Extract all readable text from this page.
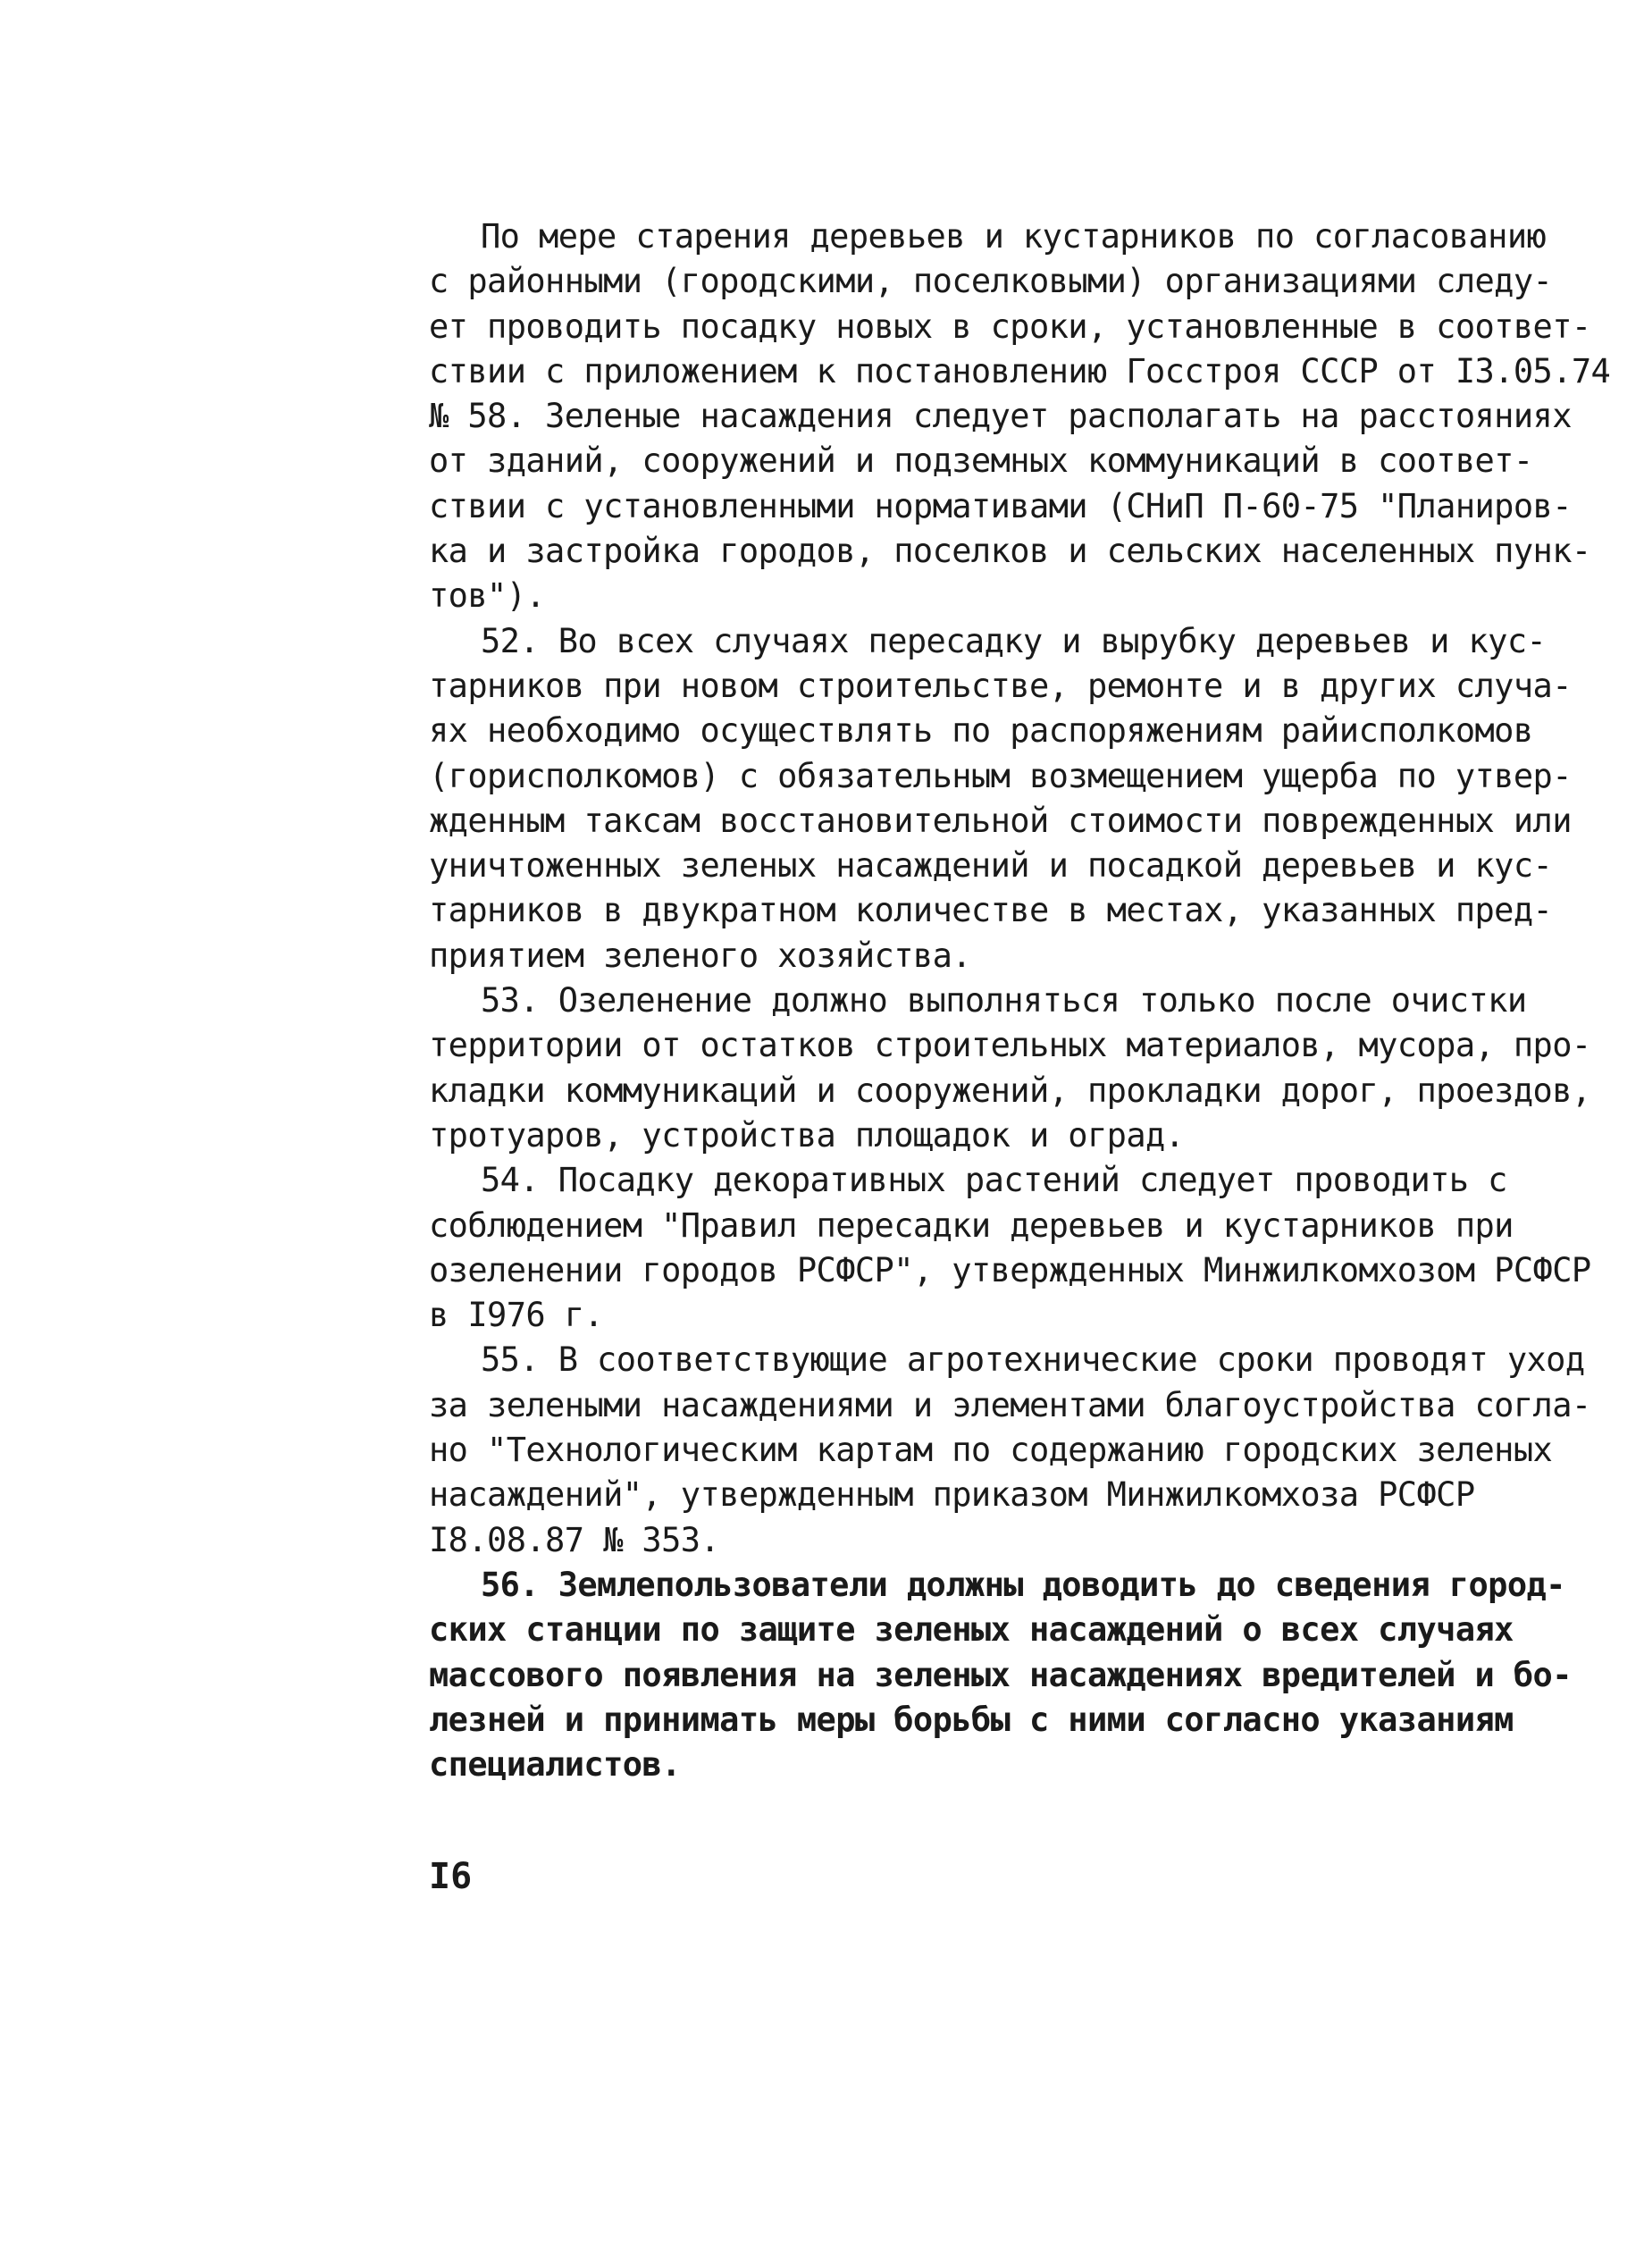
По мере старения деревьев и кустарников по согласованию
с районными (городскими, поселковыми) организациями следу-
ет проводить посадку новых в сроки, установленные в соответ-
ствии с приложением к постановлению Госстроя СССР от I3.05.74
№ 58. Зеленые насаждения следует располагать на расстояниях
от зданий, сооружений и подземных коммуникаций в соответ-
ствии с установленными нормативами (СНиП П-60-75 "Планиров-
ка и застройка городов, поселков и сельских населенных пунк-
тов").
52. Во всех случаях пересадку и вырубку деревьев и кус-
тарников при новом строительстве, ремонте и в других случа-
ях необходимо осуществлять по распоряжениям райисполкомов
(горисполкомов) с обязательным возмещением ущерба по утвер-
жденным таксам восстановительной стоимости поврежденных или
уничтоженных зеленых насаждений и посадкой деревьев и кус-
тарников в двукратном количестве в местах, указанных пред-
приятием зеленого хозяйства.
53. Озеленение должно выполняться только после очистки
территории от остатков строительных материалов, мусора, про-
кладки коммуникаций и сооружений, прокладки дорог, проездов,
тротуаров, устройства площадок и оград.
54. Посадку декоративных растений следует проводить с
соблюдением "Правил пересадки деревьев и кустарников при
озеленении городов РСФСР", утвержденных Минжилкомхозом РСФСР
в I976 г.
55. В соответствующие агротехнические сроки проводят уход
за зелеными насаждениями и элементами благоустройства согла-
но "Технологическим картам по содержанию городских зеленых
насаждений", утвержденным приказом Минжилкомхоза РСФСР
I8.08.87 № 353.
56. Землепользователи должны доводить до сведения город-
ских станции по защите зеленых насаждений о всех случаях
массового появления на зеленых насаждениях вредителей и бо-
лезней и принимать меры борьбы с ними согласно указаниям
специалистов.
I6
